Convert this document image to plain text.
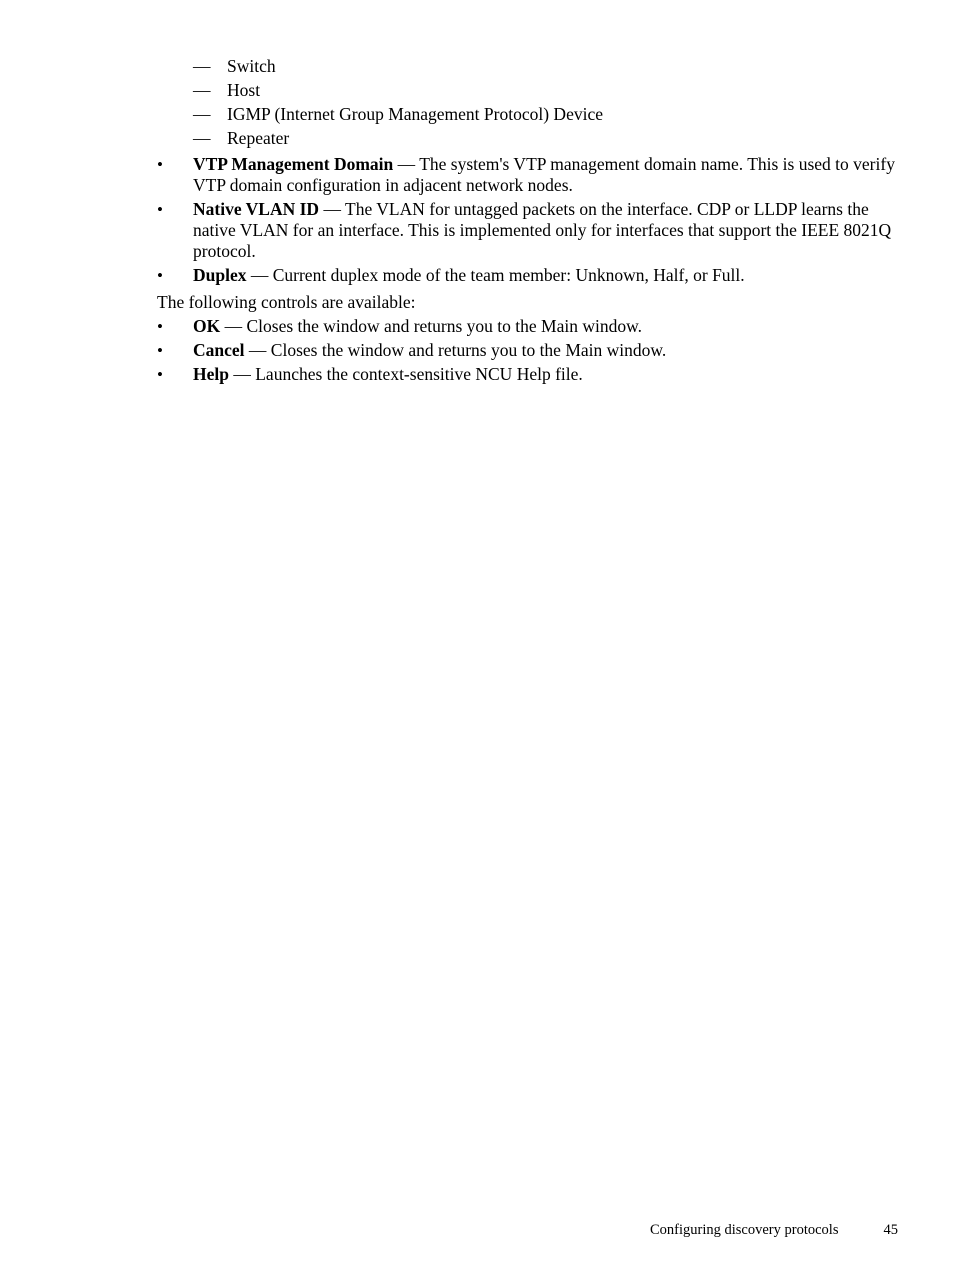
— Switch
— Host
— IGMP (Internet Group Management Protocol) Device
— Repeater
•	VTP Management Domain — The system's VTP management domain name. This is used to verify VTP domain configuration in adjacent network nodes.
•	Native VLAN ID — The VLAN for untagged packets on the interface. CDP or LLDP learns the native VLAN for an interface. This is implemented only for interfaces that support the IEEE 8021Q protocol.
•	Duplex — Current duplex mode of the team member: Unknown, Half, or Full.

The following controls are available:

•	OK — Closes the window and returns you to the Main window.
•	Cancel — Closes the window and returns you to the Main window.
•	Help — Launches the context-sensitive NCU Help file.
Configuring discovery protocols	45
